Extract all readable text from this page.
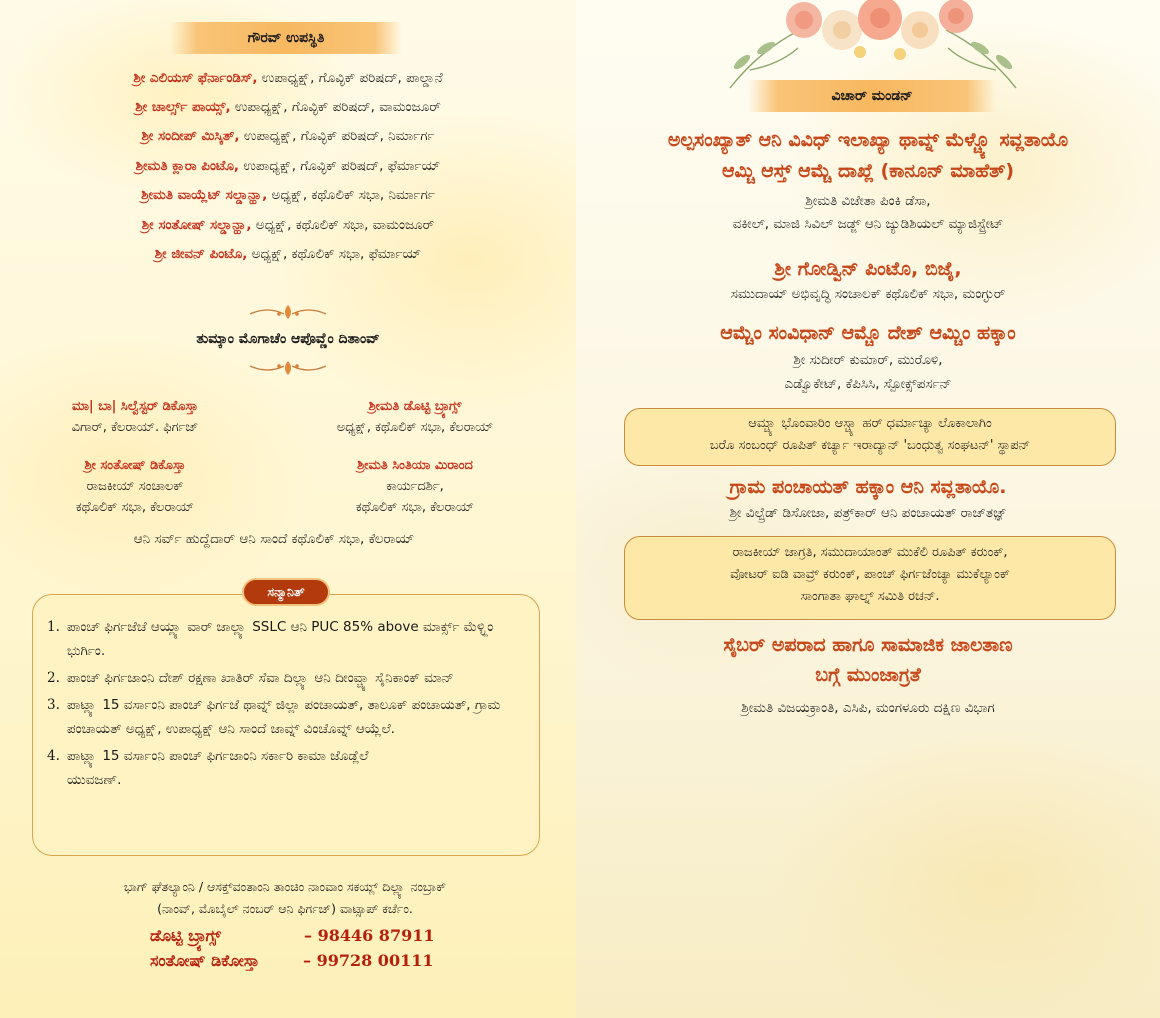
ಗೌರವ್ ಉಪಸ್ಥಿತಿ
ಶ್ರೀ ಎಲಿಯಸ್ ಫೆರ್ನಾಂಡಿಸ್, ಉಪಾಧ್ಯಕ್ಷ್, ಗೊವ್ಳಿಕ್ ಪರಿಷದ್, ಪಾಲ್ಡಾನೆ
ಶ್ರೀ ಚಾರ್ಲ್ಸ್ ಪಾಯ್ಸ್, ಉಪಾಧ್ಯಕ್ಷ್, ಗೊವ್ಳಿಕ್ ಪರಿಷದ್, ವಾಮಂಜೂರ್
ಶ್ರೀ ಸಂದೀಪ್ ಮಿಸ್ಕಿತ್, ಉಪಾಧ್ಯಕ್ಷ್, ಗೊವ್ಳಿಕ್ ಪರಿಷದ್, ನಿರ್ಮಾರ್ಗ
ಶ್ರೀಮತಿ ಕ್ಲಾರಾ ಪಿಂಟೊ, ಉಪಾಧ್ಯಕ್ಷ್, ಗೊವ್ಳಿಕ್ ಪರಿಷದ್, ಫೆರ್ಮಾಯ್
ಶ್ರೀಮತಿ ವಾಯ್ಲೆಟ್ ಸಲ್ಡಾನ್ಹಾ, ಅಧ್ಯಕ್ಷ್, ಕಥೊಲಿಕ್ ಸಭಾ, ನಿರ್ಮಾರ್ಗ
ಶ್ರೀ ಸಂತೋಷ್ ಸಲ್ಡಾನ್ಹಾ, ಅಧ್ಯಕ್ಷ್, ಕಥೊಲಿಕ್ ಸಭಾ, ವಾಮಂಜೂರ್
ಶ್ರೀ ಜೀವನ್ ಪಿಂಟೊ, ಅಧ್ಯಕ್ಷ್, ಕಥೊಲಿಕ್ ಸಭಾ, ಫೆರ್ಮಾಯ್
ತುಮ್ಕಾಂ ಮೊಗಾಚೆಂ ಆಪೊವ್ಣೆಂ ದಿತಾಂವ್
ಮಾ| ಬಾ| ಸಿಲ್ವೆಸ್ಟರ್ ಡಿಕೊಸ್ತಾ
ವಿಗಾರ್, ಕೆಲರಾಯ್. ಫಿರ್ಗಜ್
ಶ್ರೀಮತಿ ಡೊಟ್ಟಿ ಬ್ರ್ಯಾಗ್ಸ್
ಅಧ್ಯಕ್ಷ್, ಕಥೊಲಿಕ್ ಸಭಾ, ಕೆಲರಾಯ್
ಶ್ರೀ ಸಂತೋಷ್ ಡಿಕೊಸ್ತಾ
ರಾಜಕೀಯ್ ಸಂಚಾಲಕ್
ಕಥೊಲಿಕ್ ಸಭಾ, ಕೆಲರಾಯ್
ಶ್ರೀಮತಿ ಸಿಂತಿಯಾ ಮಿರಾಂದ
ಕಾರ್ಯದರ್ಶಿ,
ಕಥೊಲಿಕ್ ಸಭಾ, ಕೆಲರಾಯ್
ಆನಿ ಸರ್ವ್ ಹುದ್ದೆದಾರ್ ಆನಿ ಸಾಂದೆ ಕಥೊಲಿಕ್ ಸಭಾ, ಕೆಲರಾಯ್
1. ಪಾಂಚ್ ಫಿರ್ಗಜೆಚೆ ಆಯ್ಲ್ಯಾ ವಾರ್ ಜಾಲ್ಲ್ಯಾ SSLC ಆನಿ PUC 85% above ಮಾರ್ಕ್ಸ್ ಮೆಳ್ಳ್ಲಿಂ ಭುರ್ಗಿಂ.
2. ಪಾಂಚ್ ಫಿರ್ಗಜಾಂನಿ ದೇಶ್ ರಕ್ಷಣಾ ಖಾತಿರ್ ಸೆವಾ ದಿಲ್ಲ್ಯಾ ಆನಿ ದೀಂವ್ಚ್ಯಾ ಸೈನಿಕಾಂಕ್ ಮಾನ್
3. ಪಾಟ್ಲ್ಯಾ 15 ವರ್ಸಾಂನಿ ಪಾಂಚ್ ಫಿರ್ಗಜೆ ಥಾವ್ನ್ ಜಿಲ್ಲಾ ಪಂಚಾಯತ್, ತಾಲೂಕ್ ಪಂಚಾಯತ್, ಗ್ರಾಮ ಪಂಚಾಯತ್ ಅಧ್ಯಕ್ಷ್, ಉಪಾಧ್ಯಕ್ಷ್ ಆನಿ ಸಾಂದೆ ಜಾವ್ನ್ ವಿಂಚೊವ್ನ್ ಆಯ್ಲೆಲೆ.
4. ಪಾಟ್ಲ್ಯಾ 15 ವರ್ಸಾಂನಿ ಪಾಂಚ್ ಫಿರ್ಗಜಾಂನಿ ಸರ್ಕಾರಿ ಕಾಮಾ ಜೊಡ್ಲೆಲೆ ಯುವಜಣ್.
ಸನ್ಮಾನಿತ್
ಭಾಗ್ ಘೆತಲ್ಯಾಂನಿ / ಆಸಕ್ತ್‌ವಂತಾಂನಿ ತಾಂಚಿಂ ನಾಂವಾಂ ಸಕಯ್ಲ್ ದಿಲ್ಲ್ಯಾ ನಂಬ್ರಾಕ್
(ನಾಂವ್, ಮೊಬೈಲ್ ನಂಬರ್ ಆನಿ ಫಿರ್ಗಜ್) ವಾಟ್ಸಾಪ್ ಕರ್ಚೆಂ.
ಡೊಟ್ಟಿ ಬ್ರ್ಯಾಗ್ಸ್	– 98446 87911
ಸಂತೋಷ್ ಡಿಕೋಸ್ತಾ	– 99728 00111
ವಿಚಾರ್ ಮಂಡನ್
ಅಲ್ಪಸಂಖ್ಯಾತ್ ಆನಿ ವಿವಿಧ್ ಇಲಾಖ್ಯಾ ಥಾವ್ನ್ ಮೆಳ್ಚ್ಯೊ ಸವ್ಲತಾಯೊ
ಆಮ್ಚಿ ಆಸ್ತ್ ಆಮ್ಚೆ ದಾಖ್ಲೆ (ಕಾನೂನ್ ಮಾಹೆತ್)
ಶ್ರೀಮತಿ ವಿಜೇತಾ ಪಿಂಕಿ ಡೆಸಾ,
ವಕೀಲ್, ಮಾಜಿ ಸಿವಿಲ್ ಜಡ್ಜ್ ಆನಿ ಜ್ಯುಡಿಶಿಯಲ್ ಮ್ಯಾಜಿಸ್ಟ್ರೇಟ್
ಶ್ರೀ ಗೋಡ್ವಿನ್ ಪಿಂಟೊ, ಬಿಜೈ,
ಸಮುದಾಯ್ ಅಭಿವೃದ್ಧಿ ಸಂಚಾಲಕ್ ಕಥೊಲಿಕ್ ಸಭಾ, ಮಂಗ್ಳುರ್
ಆಮ್ಚೆಂ ಸಂವಿಧಾನ್ ಆಮ್ಚೊ ದೇಶ್ ಆಮ್ಚಿಂ ಹಕ್ಕಾಂ
ಶ್ರೀ ಸುದೀರ್ ಕುಮಾರ್, ಮುರೊಳಿ,
ಎಡ್ವೊಕೇಟ್, ಕೆಪಿಸಿಸಿ, ಸ್ಪೋಕ್ಸ್‌ಪರ್ಸನ್
ಆಮ್ಚ್ಯಾ ಭೊಂವಾರಿಂ ಆಸ್ಚ್ಯಾ ಹರ್ ಧರ್ಮಾಚ್ಯಾ ಲೊಕಾಲಾಗಿಂ
ಬರೊ ಸಂಬಂಧ್ ರೂಪಿತ್ ಕರ್ಚ್ಯಾ ಇರಾದ್ಯಾನ್ 'ಬಂಧುತ್ವ ಸಂಘಟನ್' ಸ್ಥಾಪನ್
ಗ್ರಾಮ ಪಂಚಾಯತ್ ಹಕ್ಕಾಂ ಆನಿ ಸವ್ಲತಾಯೊ.
ಶ್ರೀ ವಿಲ್ಪ್ರೆಡ್ ಡಿಸೋಜಾ, ಪತ್ರ್‌ಕಾರ್ ಆನಿ ಪಂಚಾಯತ್ ರಾಜ್‌ತಜ್ಞ್
ರಾಜಕೀಯ್ ಜಾಗ್ರತಿ, ಸಮುದಾಯಾಂತ್ ಮುಕೆಲಿ ರೂಪಿತ್ ಕರುಂಕ್,
ವೋಟರ್ ಐಡಿ ವಾವ್ರ್ ಕರುಂಕ್, ಪಾಂಚ್ ಫಿರ್ಗಜೆಂಚ್ಯಾ ಮುಕೆಲ್ಯಾಂಕ್
ಸಾಂಗಾತಾ ಘಾಲ್ನ್ ಸಮಿತಿ ರಚನ್.
ಸೈಬರ್ ಅಪರಾದ ಹಾಗೂ ಸಾಮಾಜಿಕ ಜಾಲತಾಣ
ಬಗ್ಗೆ ಮುಂಜಾಗ್ರತೆ
ಶ್ರೀಮತಿ ವಿಜಯಕ್ರಾಂತಿ, ಎಸಿಪಿ, ಮಂಗಳೂರು ದಕ್ಷಿಣ ವಿಭಾಗ
